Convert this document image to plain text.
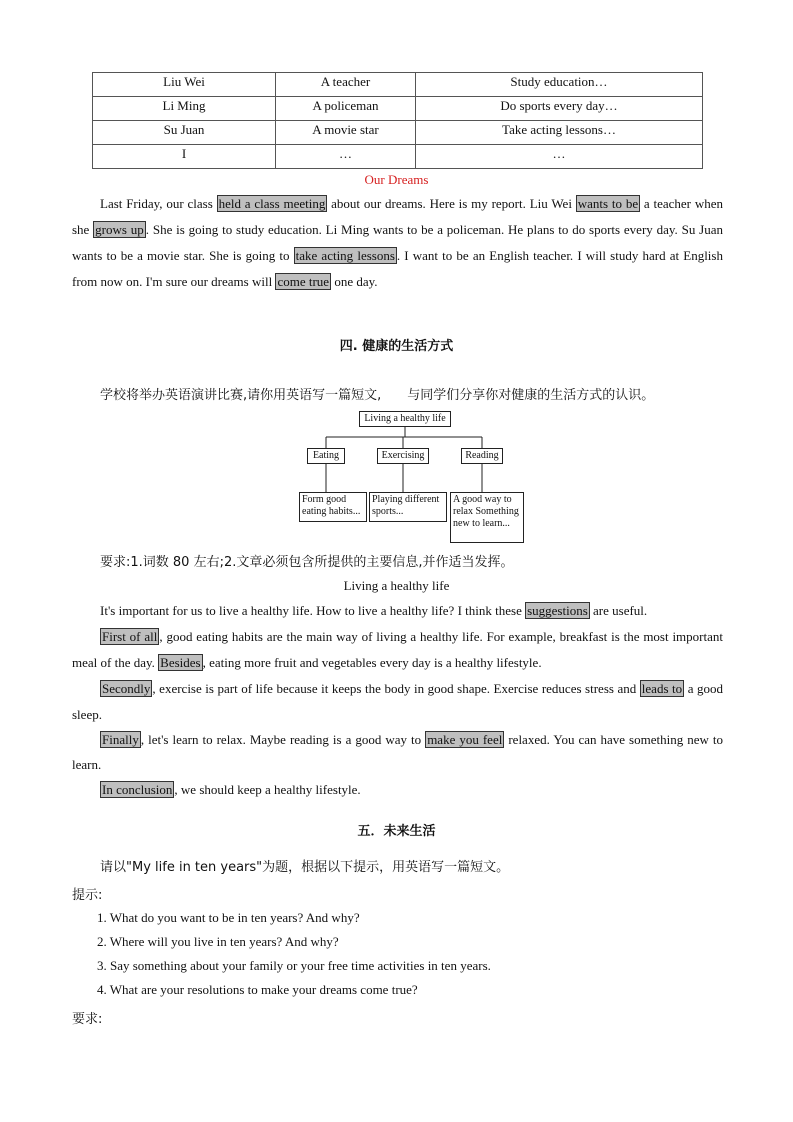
Liu Wei	A teacher	Study education…
Li Ming	A policeman	Do sports every day…
Su Juan	A movie star	Take acting lessons…
I	…	…
Our Dreams
Last Friday, our class held a class meeting about our dreams. Here is my report. Liu Wei wants to be a teacher when she grows up . She is going to study education. Li Ming wants to be a policeman. He plans to do sports every day. Su Juan wants to be a movie star. She is going to take acting lessons . I want to be an English teacher. I will study hard at English from now on. I'm sure our dreams will come true one day.
四. 健康的生活方式
学校将举办英语演讲比赛,请你用英语写一篇短文,　　与同学们分享你对健康的生活方式的认识。
Living a healthy life
Eating	Exercising	Reading
Form good eating habits...
Playing different sports...
A good way to relax Something new to learn...
要求:1.词数 80 左右;2.文章必须包含所提供的主要信息,并作适当发挥。
Living a healthy life
It's important for us to live a healthy life. How to live a healthy life? I think these suggestions are useful.
First of all , good eating habits are the main way of living a healthy life. For example, breakfast is the most important meal of the day. Besides , eating more fruit and vegetables every day is a healthy lifestyle.
Secondly , exercise is part of life because it keeps the body in good shape. Exercise reduces stress and leads to a good sleep.
Finally , let's learn to relax. Maybe reading is a good way to make you feel relaxed. You can have something new to learn.
In conclusion , we should keep a healthy lifestyle.
五．未来生活
请以"My life in ten years"为题，根据以下提示，用英语写一篇短文。
提示:
1. What do you want to be in ten years? And why?
2. Where will you live in ten years? And why?
3. Say something about your family or your free time activities in ten years.
4. What are your resolutions to make your dreams come true?
要求:
